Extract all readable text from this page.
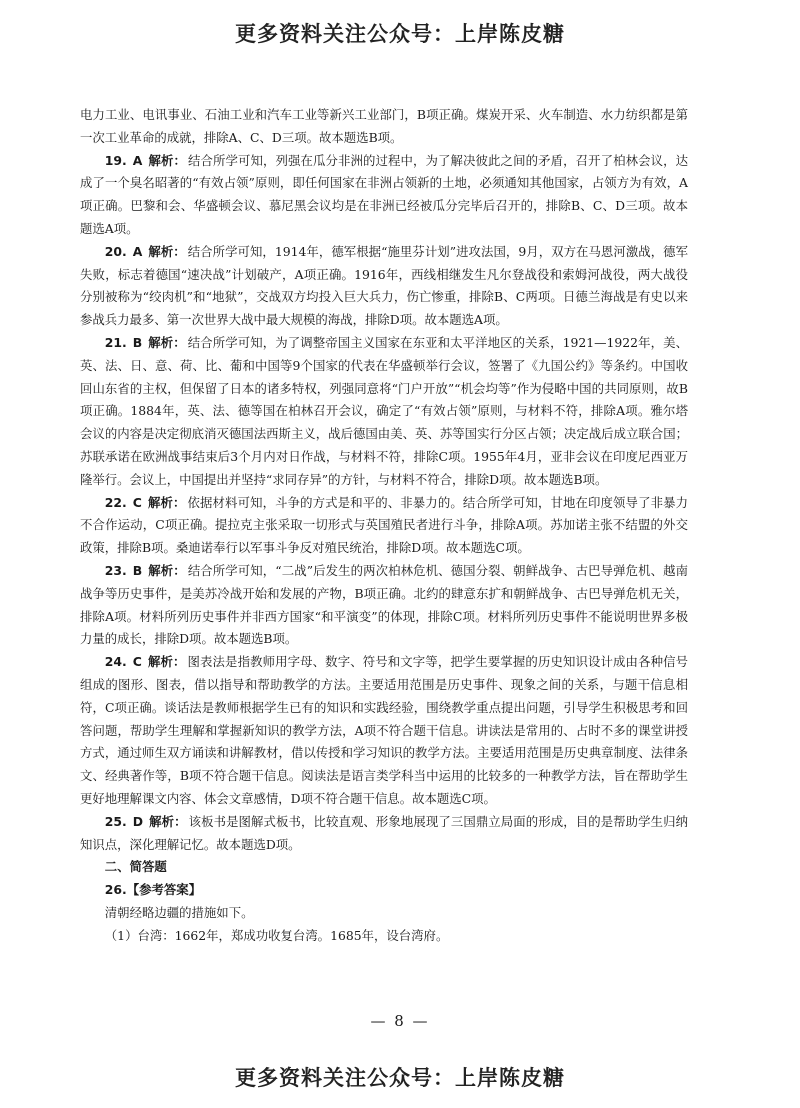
更多资料关注公众号：上岸陈皮糖

电力工业、电讯事业、石油工业和汽车工业等新兴工业部门，B项正确。煤炭开采、火车制造、水力纺织都是第一次工业革命的成就，排除A、C、D三项。故本题选B项。

19. A 解析： 结合所学可知，列强在瓜分非洲的过程中，为了解决彼此之间的矛盾，召开了柏林会议，达成了一个臭名昭著的“有效占领”原则，即任何国家在非洲占领新的土地，必须通知其他国家，占领方为有效，A项正确。巴黎和会、华盛顿会议、慕尼黑会议均是在非洲已经被瓜分完毕后召开的，排除B、C、D三项。故本题选A项。

20. A 解析： 结合所学可知，1914年，德军根据“施里芬计划”进攻法国，9月，双方在马恩河激战，德军失败，标志着德国“速决战”计划破产，A项正确。1916年，西线相继发生凡尔登战役和索姆河战役，两大战役分别被称为“绞肉机”和“地狱”，交战双方均投入巨大兵力，伤亡惨重，排除B、C两项。日德兰海战是有史以来参战兵力最多、第一次世界大战中最大规模的海战，排除D项。故本题选A项。

21. B 解析： 结合所学可知，为了调整帝国主义国家在东亚和太平洋地区的关系，1921—1922年，美、英、法、日、意、荷、比、葡和中国等9个国家的代表在华盛顿举行会议，签署了《九国公约》等条约。中国收回山东省的主权，但保留了日本的诸多特权，列强同意将“门户开放”“机会均等”作为侵略中国的共同原则，故B项正确。1884年，英、法、德等国在柏林召开会议，确定了“有效占领”原则，与材料不符，排除A项。雅尔塔会议的内容是决定彻底消灭德国法西斯主义，战后德国由美、英、苏等国实行分区占领；决定战后成立联合国；苏联承诺在欧洲战事结束后3个月内对日作战，与材料不符，排除C项。1955年4月，亚非会议在印度尼西亚万隆举行。会议上，中国提出并坚持“求同存异”的方针，与材料不符合，排除D项。故本题选B项。

22. C 解析： 依据材料可知，斗争的方式是和平的、非暴力的。结合所学可知，甘地在印度领导了非暴力不合作运动，C项正确。提拉克主张采取一切形式与英国殖民者进行斗争，排除A项。苏加诺主张不结盟的外交政策，排除B项。桑迪诺奉行以军事斗争反对殖民统治，排除D项。故本题选C项。

23. B 解析： 结合所学可知，“二战”后发生的两次柏林危机、德国分裂、朝鲜战争、古巴导弹危机、越南战争等历史事件，是美苏冷战开始和发展的产物，B项正确。北约的肆意东扩和朝鲜战争、古巴导弹危机无关，排除A项。材料所列历史事件并非西方国家“和平演变”的体现，排除C项。材料所列历史事件不能说明世界多极力量的成长，排除D项。故本题选B项。

24. C 解析： 图表法是指教师用字母、数字、符号和文字等，把学生要掌握的历史知识设计成由各种信号组成的图形、图表，借以指导和帮助教学的方法。主要适用范围是历史事件、现象之间的关系，与题干信息相符，C项正确。谈话法是教师根据学生已有的知识和实践经验，围绕教学重点提出问题，引导学生积极思考和回答问题，帮助学生理解和掌握新知识的教学方法，A项不符合题干信息。讲读法是常用的、占时不多的课堂讲授方式，通过师生双方诵读和讲解教材，借以传授和学习知识的教学方法。主要适用范围是历史典章制度、法律条文、经典著作等，B项不符合题干信息。阅读法是语言类学科当中运用的比较多的一种教学方法，旨在帮助学生更好地理解课文内容、体会文章感情，D项不符合题干信息。故本题选C项。

25. D 解析： 该板书是图解式板书，比较直观、形象地展现了三国鼎立局面的形成，目的是帮助学生归纳知识点，深化理解记忆。故本题选D项。

二、简答题

26.【参考答案】

清朝经略边疆的措施如下。

（1）台湾：1662年，郑成功收复台湾。1685年，设台湾府。

— 8 —
更多资料关注公众号：上岸陈皮糖
